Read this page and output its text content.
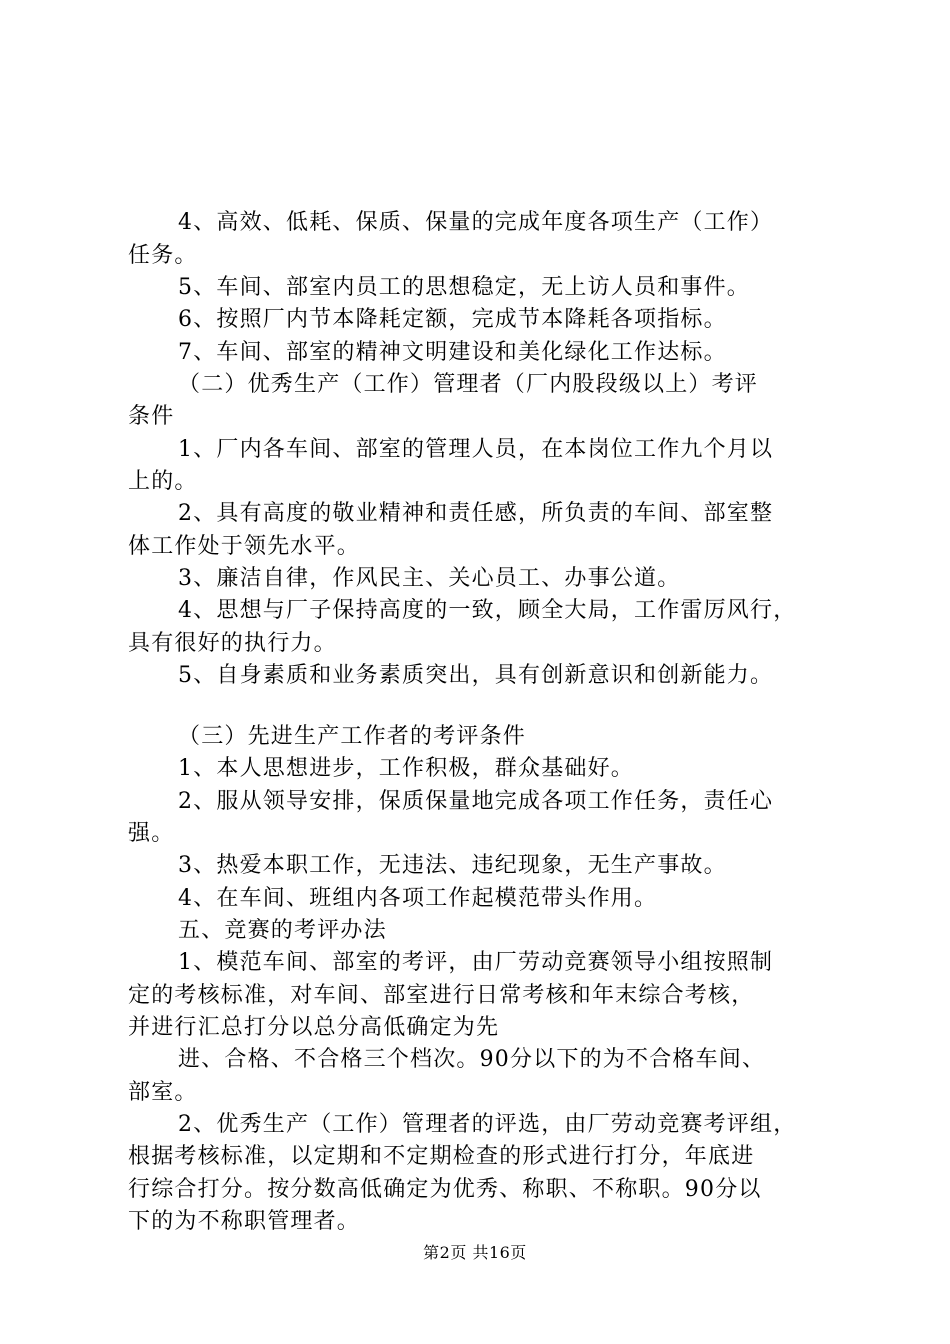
4、高效、低耗、保质、保量的完成年度各项生产（工作）
任务。
5、车间、部室内员工的思想稳定，无上访人员和事件。
6、按照厂内节本降耗定额，完成节本降耗各项指标。
7、车间、部室的精神文明建设和美化绿化工作达标。
（二）优秀生产（工作）管理者（厂内股段级以上）考评
条件
1、厂内各车间、部室的管理人员，在本岗位工作九个月以
上的。
2、具有高度的敬业精神和责任感，所负责的车间、部室整
体工作处于领先水平。
3、廉洁自律，作风民主、关心员工、办事公道。
4、思想与厂子保持高度的一致，顾全大局，工作雷厉风行，
具有很好的执行力。
5、自身素质和业务素质突出，具有创新意识和创新能力。
（三）先进生产工作者的考评条件
1、本人思想进步，工作积极，群众基础好。
2、服从领导安排，保质保量地完成各项工作任务，责任心
强。
3、热爱本职工作，无违法、违纪现象，无生产事故。
4、在车间、班组内各项工作起模范带头作用。
五、竞赛的考评办法
1、模范车间、部室的考评，由厂劳动竞赛领导小组按照制
定的考核标准，对车间、部室进行日常考核和年末综合考核，
并进行汇总打分以总分高低确定为先
进、合格、不合格三个档次。90分以下的为不合格车间、
部室。
2、优秀生产（工作）管理者的评选，由厂劳动竞赛考评组，
根据考核标准，以定期和不定期检查的形式进行打分，年底进
行综合打分。按分数高低确定为优秀、称职、不称职。90分以
下的为不称职管理者。
第2页 共16页
